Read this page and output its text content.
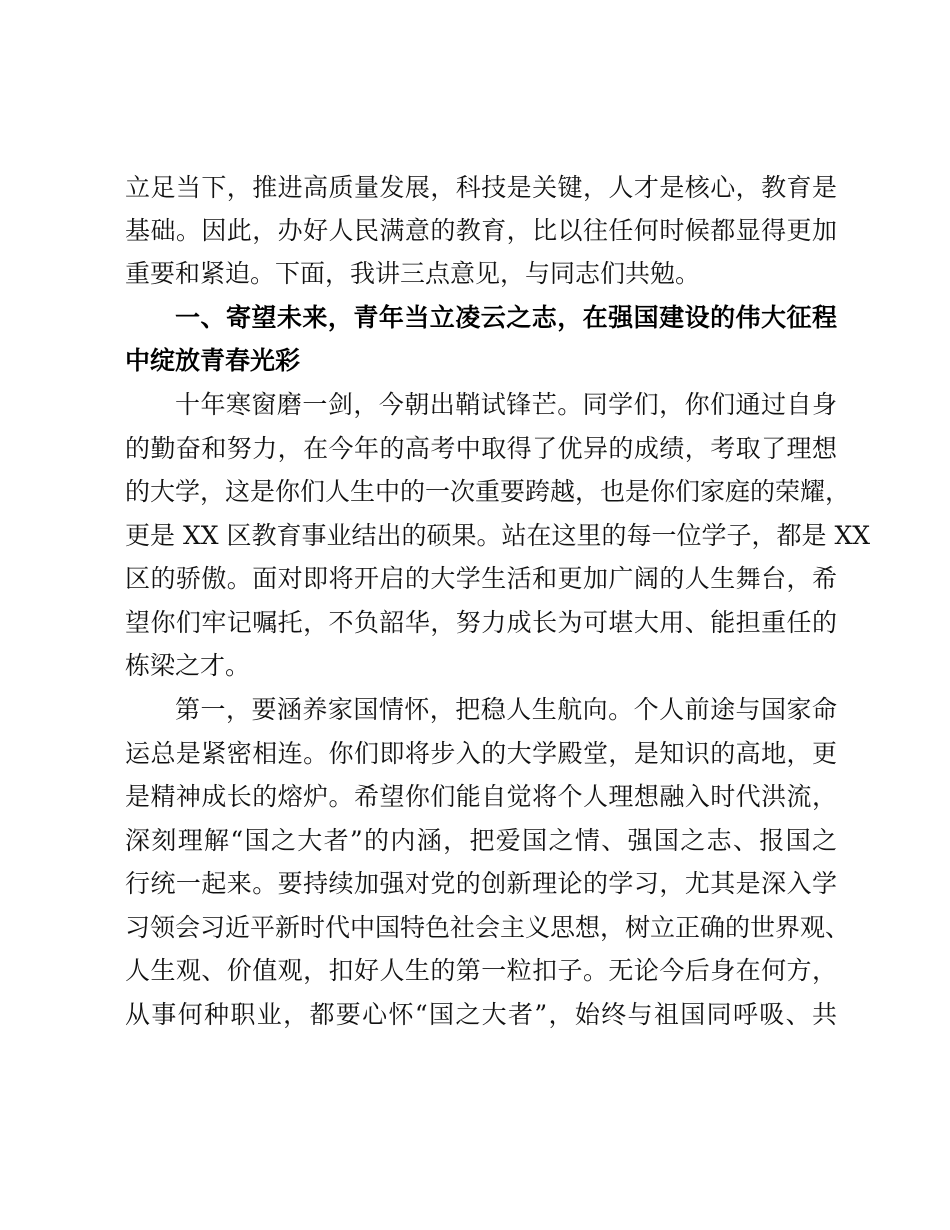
立足当下，推进高质量发展，科技是关键，人才是核心，教育是
基础。因此，办好人民满意的教育，比以往任何时候都显得更加
重要和紧迫。下面，我讲三点意见，与同志们共勉。
一、寄望未来，青年当立凌云之志，在强国建设的伟大征程
中绽放青春光彩
十年寒窗磨一剑，今朝出鞘试锋芒。同学们，你们通过自身
的勤奋和努力，在今年的高考中取得了优异的成绩，考取了理想
的大学，这是你们人生中的一次重要跨越，也是你们家庭的荣耀，
更是 XX 区教育事业结出的硕果。站在这里的每一位学子，都是 XX
区的骄傲。面对即将开启的大学生活和更加广阔的人生舞台，希
望你们牢记嘱托，不负韶华，努力成长为可堪大用、能担重任的
栋梁之才。
第一，要涵养家国情怀，把稳人生航向。个人前途与国家命
运总是紧密相连。你们即将步入的大学殿堂，是知识的高地，更
是精神成长的熔炉。希望你们能自觉将个人理想融入时代洪流，
深刻理解“国之大者”的内涵，把爱国之情、强国之志、报国之
行统一起来。要持续加强对党的创新理论的学习，尤其是深入学
习领会习近平新时代中国特色社会主义思想，树立正确的世界观、
人生观、价值观，扣好人生的第一粒扣子。无论今后身在何方，
从事何种职业，都要心怀“国之大者”，始终与祖国同呼吸、共
